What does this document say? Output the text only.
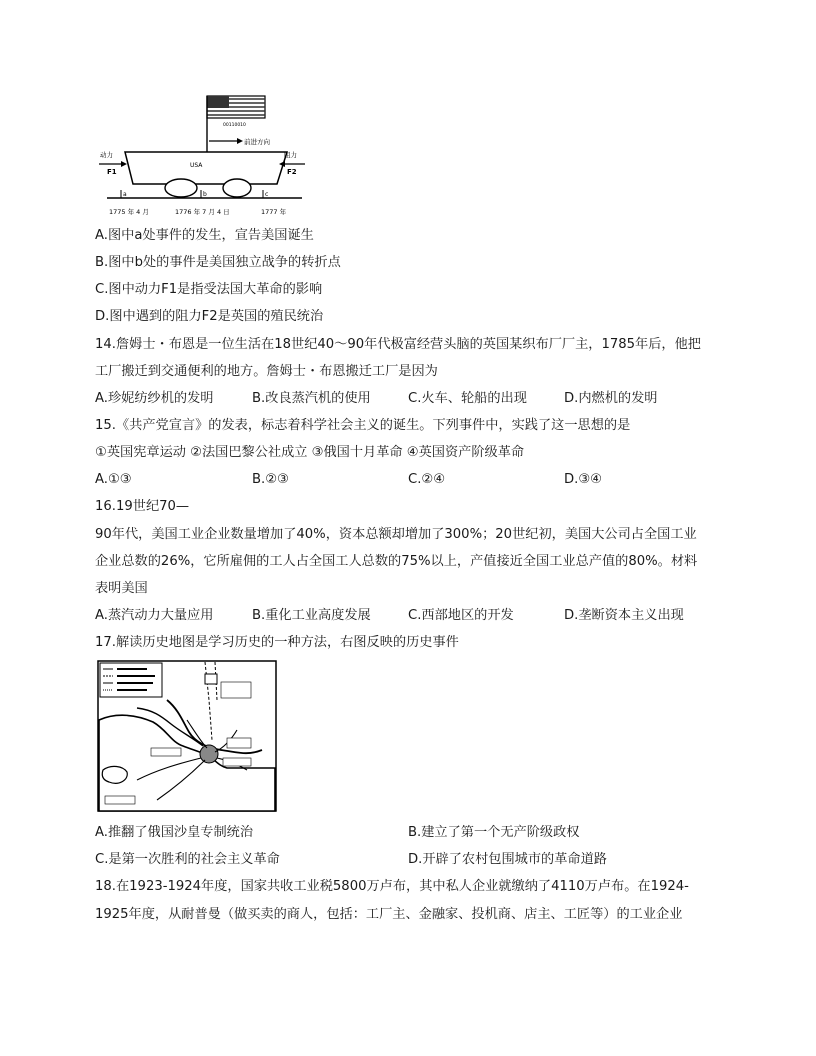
00110010
前进方向
USA
动力
F1
阻力
F2
a	b	c
1775 年 4 月	1776 年 7 月 4 日	1777 年
A.图中a处事件的发生，宣告美国诞生
B.图中b处的事件是美国独立战争的转折点
C.图中动力F1是指受法国大革命的影响
D.图中遇到的阻力F2是英国的殖民统治
14.詹姆士・布恩是一位生活在18世纪40～90年代极富经营头脑的英国某织布厂厂主，1785年后，他把
工厂搬迁到交通便利的地方。詹姆士・布恩搬迁工厂是因为
A.珍妮纺纱机的发明	B.改良蒸汽机的使用	C.火车、轮船的出现	D.内燃机的发明
15.《共产党宣言》的发表，标志着科学社会主义的诞生。下列事件中，实践了这一思想的是
①英国宪章运动 ②法国巴黎公社成立 ③俄国十月革命 ④英国资产阶级革命
A.①③	B.②③	C.②④	D.③④
16.19世纪70—
90年代，美国工业企业数量增加了40%，资本总额却增加了300%；20世纪初，美国大公司占全国工业
企业总数的26%，它所雇佣的工人占全国工人总数的75%以上，产值接近全国工业总产值的80%。材料
表明美国
A.蒸汽动力大量应用	B.重化工业高度发展	C.西部地区的开发	D.垄断资本主义出现
17.解读历史地图是学习历史的一种方法，右图反映的历史事件
A.推翻了俄国沙皇专制统治	B.建立了第一个无产阶级政权
C.是第一次胜利的社会主义革命	D.开辟了农村包围城市的革命道路
18.在1923-1924年度，国家共收工业税5800万卢布，其中私人企业就缴纳了4110万卢布。在1924-
1925年度，从耐普曼（做买卖的商人，包括：工厂主、金融家、投机商、店主、工匠等）的工业企业
